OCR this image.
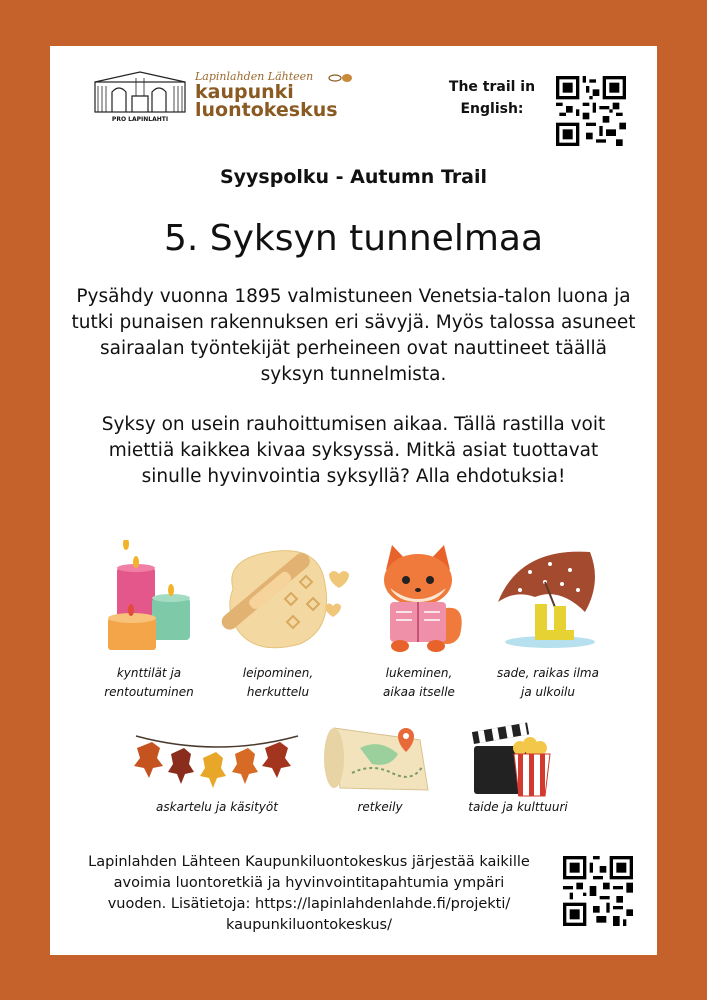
PRO LAPINLAHTI
Lapinlahden Lähteen
kaupunki
luontokeskus
The trail in
English:
Syyspolku - Autumn Trail
5. Syksyn tunnelmaa
Pysähdy vuonna 1895 valmistuneen Venetsia-talon luona ja tutki punaisen rakennuksen eri sävyjä. Myös talossa asuneet sairaalan työntekijät perheineen ovat nauttineet täällä syksyn tunnelmista.
Syksy on usein rauhoittumisen aikaa. Tällä rastilla voit miettiä kaikkea kivaa syksyssä. Mitkä asiat tuottavat sinulle hyvinvointia syksyllä? Alla ehdotuksia!
kynttilät ja
rentoutuminen
leipominen,
herkuttelu
lukeminen,
aikaa itselle
sade, raikas ilma
ja ulkoilu
askartelu ja käsityöt	retkeily	taide ja kulttuuri
Lapinlahden Lähteen Kaupunkiluontokeskus järjestää kaikille
avoimia luontoretkiä ja hyvinvointitapahtumia ympäri
vuoden. Lisätietoja: https://lapinlahdenlahde.fi/projekti/
kaupunkiluontokeskus/
